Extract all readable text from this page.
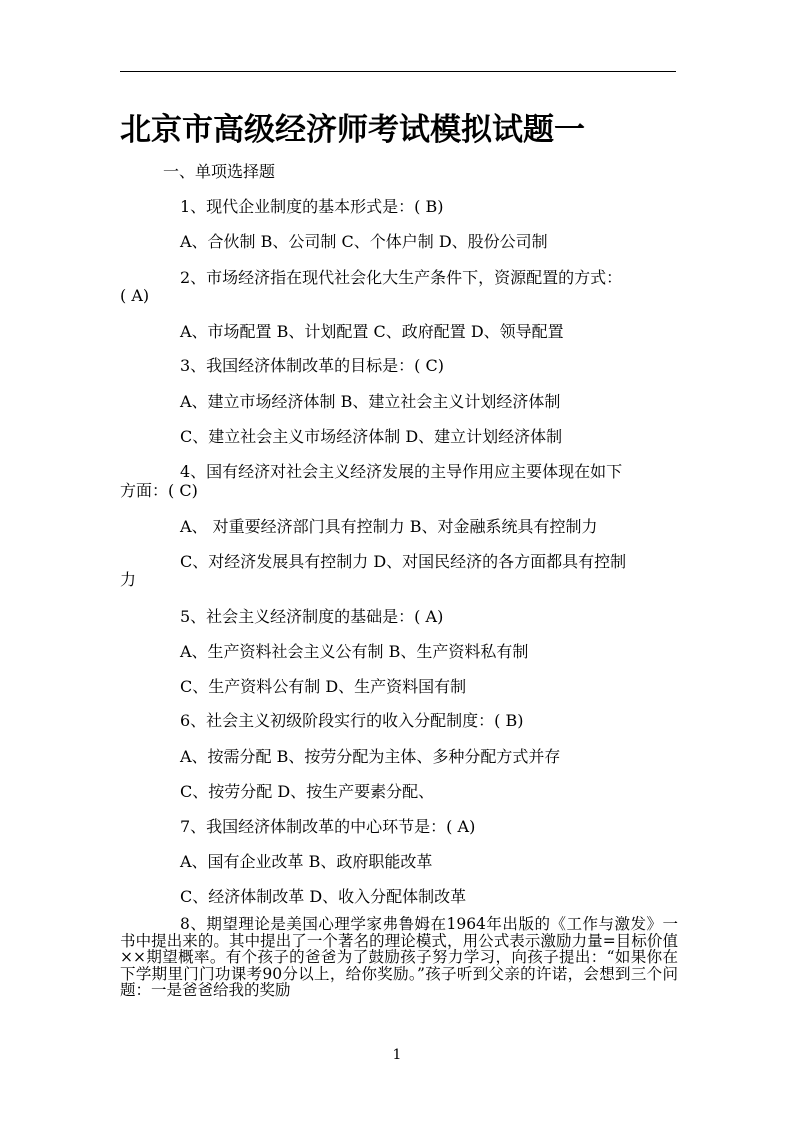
北京市高级经济师考试模拟试题一
一、单项选择题
1、现代企业制度的基本形式是：( B)
A、合伙制 B、公司制 C、个体户制 D、股份公司制
2、市场经济指在现代社会化大生产条件下，资源配置的方式：
( A)
A、市场配置 B、计划配置 C、政府配置 D、领导配置
3、我国经济体制改革的目标是：( C)
A、建立市场经济体制 B、建立社会主义计划经济体制
C、建立社会主义市场经济体制 D、建立计划经济体制
4、国有经济对社会主义经济发展的主导作用应主要体现在如下
方面：( C)
A、 对重要经济部门具有控制力 B、对金融系统具有控制力
C、对经济发展具有控制力 D、对国民经济的各方面都具有控制
力
5、社会主义经济制度的基础是：( A)
A、生产资料社会主义公有制 B、生产资料私有制
C、生产资料公有制 D、生产资料国有制
6、社会主义初级阶段实行的收入分配制度：( B)
A、按需分配 B、按劳分配为主体、多种分配方式并存
C、按劳分配 D、按生产要素分配、
7、我国经济体制改革的中心环节是：( A)
A、国有企业改革 B、政府职能改革
C、经济体制改革 D、收入分配体制改革
8、期望理论是美国心理学家弗鲁姆在1964年出版的《工作与激发》一书中提出来的。其中提出了一个著名的理论模式，用公式表示激励力量=目标价值××期望概率。有个孩子的爸爸为了鼓励孩子努力学习，向孩子提出：“如果你在下学期里门门功课考90分以上，给你奖励。”孩子听到父亲的许诺，会想到三个问题：一是爸爸给我的奖励
1
